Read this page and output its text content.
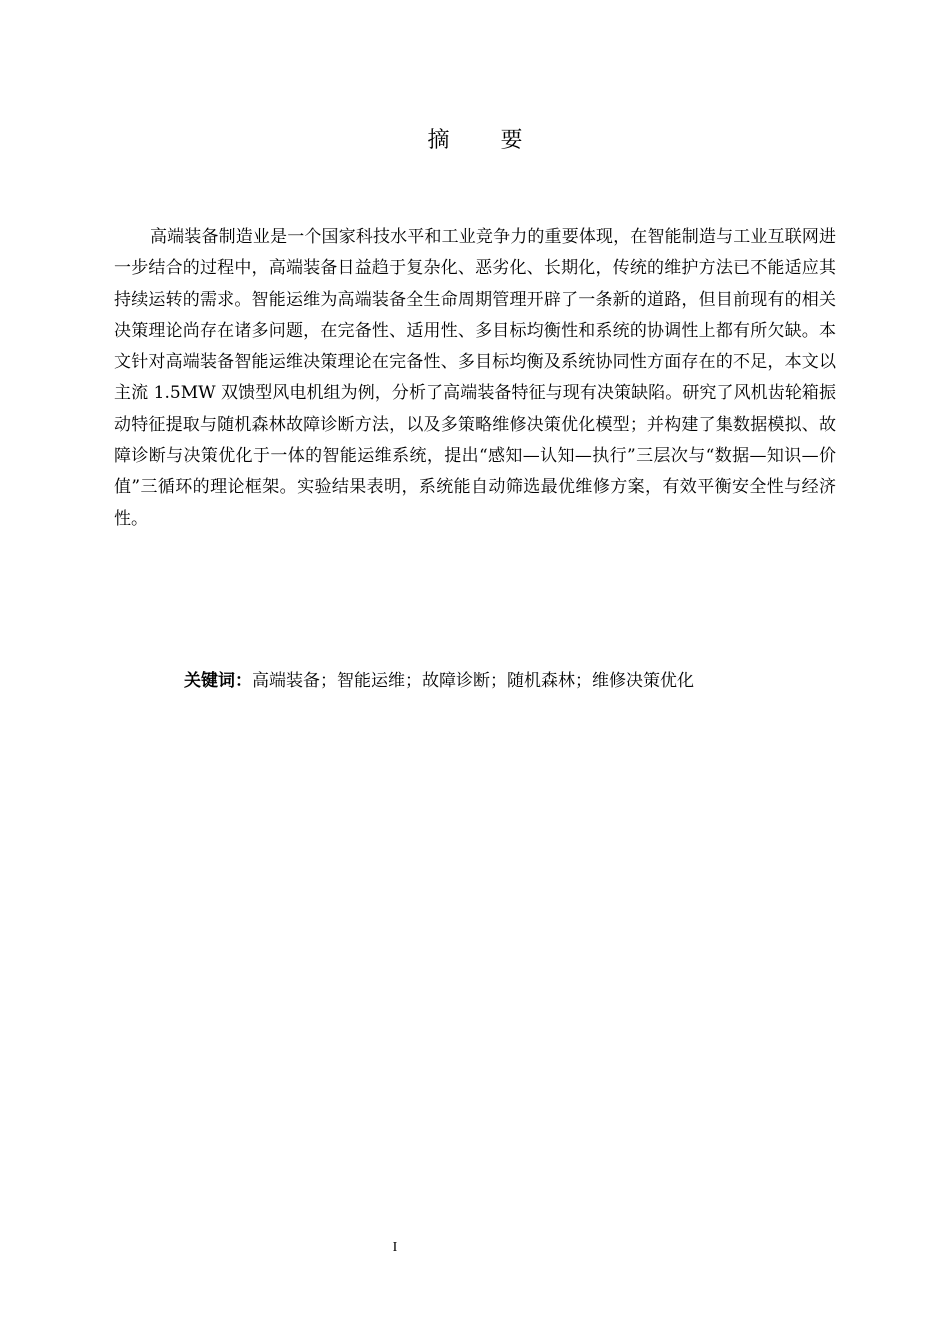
摘 要

高端装备制造业是一个国家科技水平和工业竞争力的重要体现，在智能制造与工业互联网进一步结合的过程中，高端装备日益趋于复杂化、恶劣化、长期化，传统的维护方法已不能适应其持续运转的需求。智能运维为高端装备全生命周期管理开辟了一条新的道路，但目前现有的相关决策理论尚存在诸多问题，在完备性、适用性、多目标均衡性和系统的协调性上都有所欠缺。本文针对高端装备智能运维决策理论在完备性、多目标均衡及系统协同性方面存在的不足，本文以主流 1.5MW 双馈型风电机组为例，分析了高端装备特征与现有决策缺陷。研究了风机齿轮箱振动特征提取与随机森林故障诊断方法，以及多策略维修决策优化模型；并构建了集数据模拟、故障诊断与决策优化于一体的智能运维系统，提出“感知—认知—执行”三层次与“数据—知识—价值”三循环的理论框架。实验结果表明，系统能自动筛选最优维修方案，有效平衡安全性与经济性。

关键词：高端装备；智能运维；故障诊断；随机森林；维修决策优化

I
